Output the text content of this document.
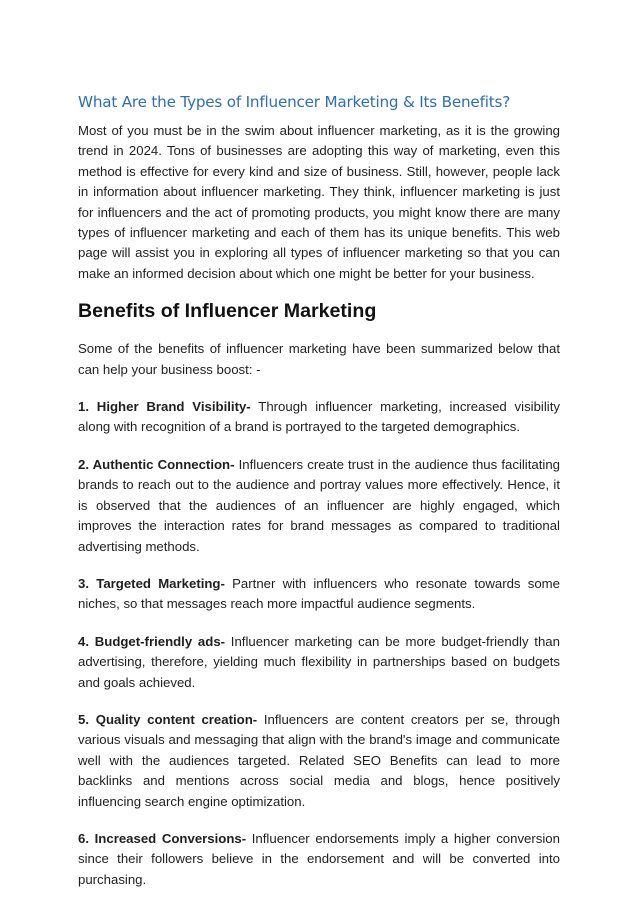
What Are the Types of Influencer Marketing & Its Benefits?

Most of you must be in the swim about influencer marketing, as it is the growing trend in 2024. Tons of businesses are adopting this way of marketing, even this method is effective for every kind and size of business. Still, however, people lack in information about influencer marketing. They think, influencer marketing is just for influencers and the act of promoting products, you might know there are many types of influencer marketing and each of them has its unique benefits. This web page will assist you in exploring all types of influencer marketing so that you can make an informed decision about which one might be better for your business.

Benefits of Influencer Marketing

Some of the benefits of influencer marketing have been summarized below that can help your business boost: -

1. Higher Brand Visibility- Through influencer marketing, increased visibility along with recognition of a brand is portrayed to the targeted demographics.

2. Authentic Connection- Influencers create trust in the audience thus facilitating brands to reach out to the audience and portray values more effectively. Hence, it is observed that the audiences of an influencer are highly engaged, which improves the interaction rates for brand messages as compared to traditional advertising methods.

3. Targeted Marketing- Partner with influencers who resonate towards some niches, so that messages reach more impactful audience segments.

4. Budget-friendly ads- Influencer marketing can be more budget-friendly than advertising, therefore, yielding much flexibility in partnerships based on budgets and goals achieved.

5. Quality content creation- Influencers are content creators per se, through various visuals and messaging that align with the brand's image and communicate well with the audiences targeted. Related SEO Benefits can lead to more backlinks and mentions across social media and blogs, hence positively influencing search engine optimization.

6. Increased Conversions- Influencer endorsements imply a higher conversion since their followers believe in the endorsement and will be converted into purchasing.
